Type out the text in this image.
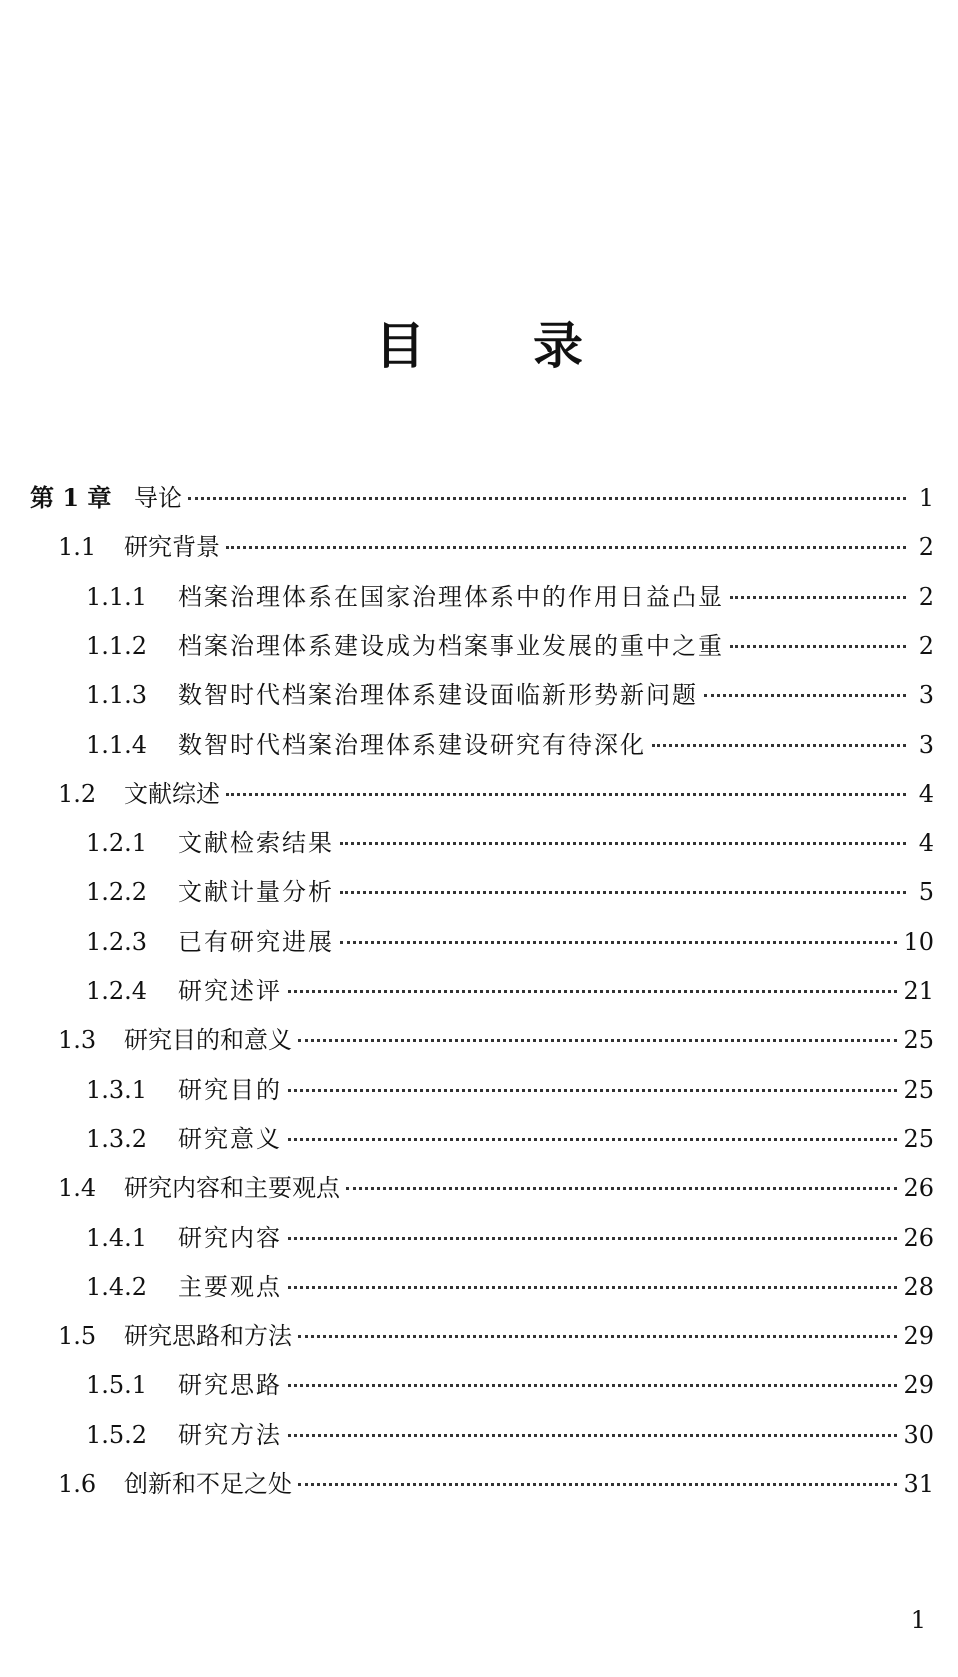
目 录
第 1 章 导论	1
1.1	研究背景	2
1.1.1	档案治理体系在国家治理体系中的作用日益凸显	2
1.1.2	档案治理体系建设成为档案事业发展的重中之重	2
1.1.3	数智时代档案治理体系建设面临新形势新问题	3
1.1.4	数智时代档案治理体系建设研究有待深化	3
1.2	文献综述	4
1.2.1	文献检索结果	4
1.2.2	文献计量分析	5
1.2.3	已有研究进展	10
1.2.4	研究述评	21
1.3	研究目的和意义	25
1.3.1	研究目的	25
1.3.2	研究意义	25
1.4	研究内容和主要观点	26
1.4.1	研究内容	26
1.4.2	主要观点	28
1.5	研究思路和方法	29
1.5.1	研究思路	29
1.5.2	研究方法	30
1.6	创新和不足之处	31
1
